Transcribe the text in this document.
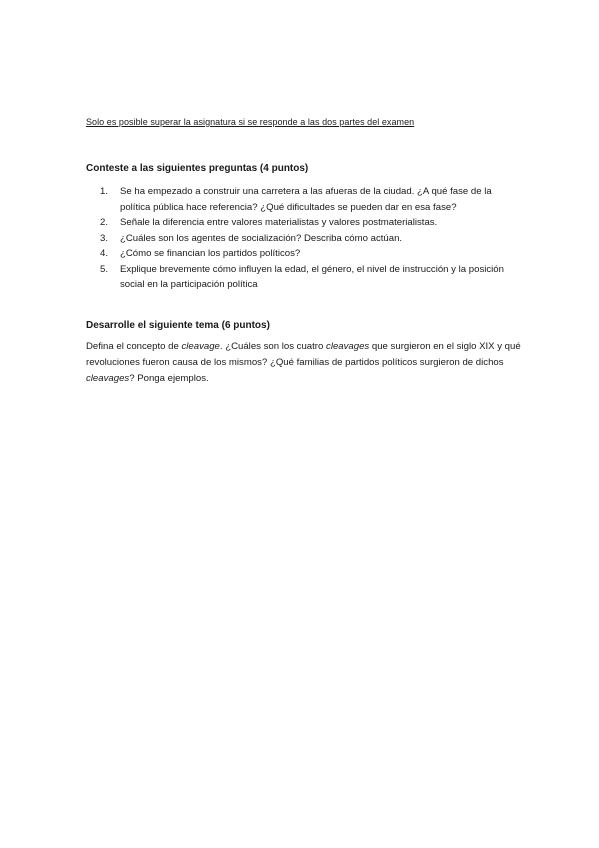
Solo es posible superar la asignatura si se responde a las dos partes del examen
Conteste a las siguientes preguntas (4 puntos)
1. Se ha empezado a construir una carretera a las afueras de la ciudad. ¿A qué fase de la política pública hace referencia? ¿Qué dificultades se pueden dar en esa fase?
2. Señale la diferencia entre valores materialistas y valores postmaterialistas.
3. ¿Cuáles son los agentes de socialización? Describa cómo actúan.
4. ¿Cómo se financian los partidos políticos?
5. Explique brevemente cómo influyen la edad, el género, el nivel de instrucción y la posición social en la participación política
Desarrolle el siguiente tema (6 puntos)

Defina el concepto de cleavage. ¿Cuáles son los cuatro cleavages que surgieron en el siglo XIX y qué revoluciones fueron causa de los mismos? ¿Qué familias de partidos políticos surgieron de dichos cleavages? Ponga ejemplos.
